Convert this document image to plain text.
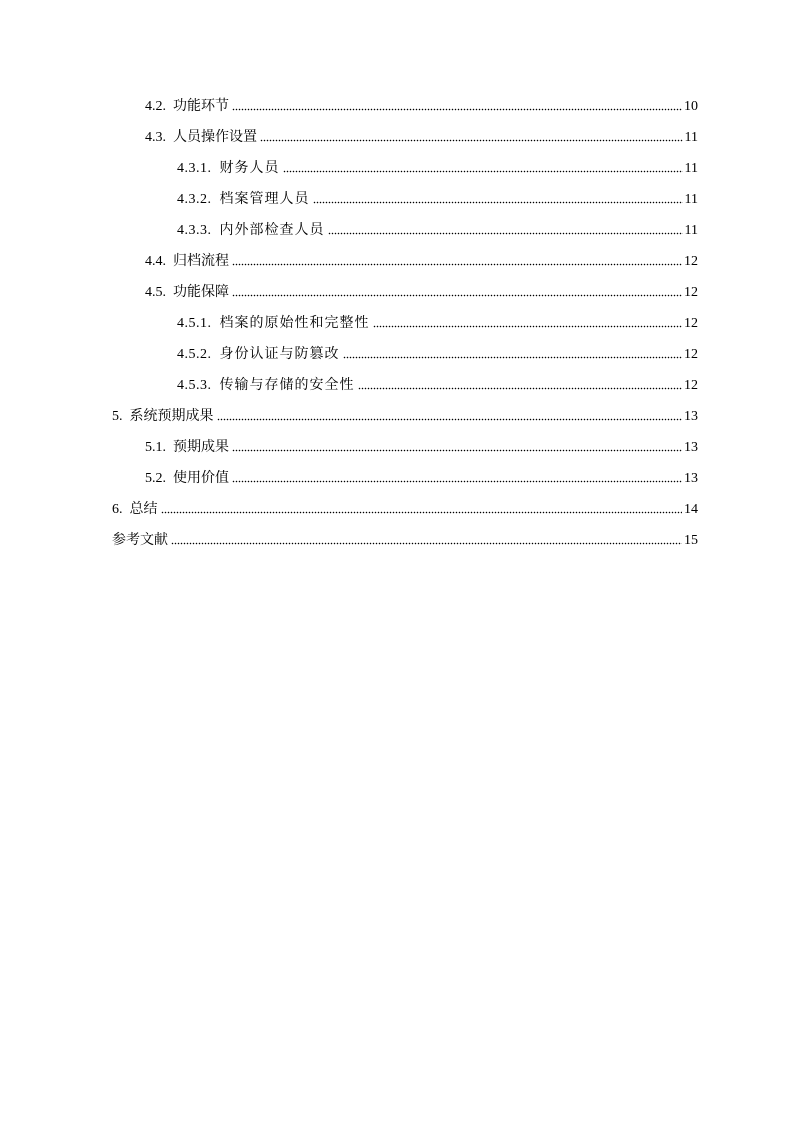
4.2. 功能环节	10
4.3. 人员操作设置	11
4.3.1. 财务人员	11
4.3.2. 档案管理人员	11
4.3.3. 内外部检查人员	11
4.4. 归档流程	12
4.5. 功能保障	12
4.5.1. 档案的原始性和完整性	12
4.5.2. 身份认证与防篡改	12
4.5.3. 传输与存储的安全性	12
5. 系统预期成果	13
5.1. 预期成果	13
5.2. 使用价值	13
6. 总结	14
参考文献	15
